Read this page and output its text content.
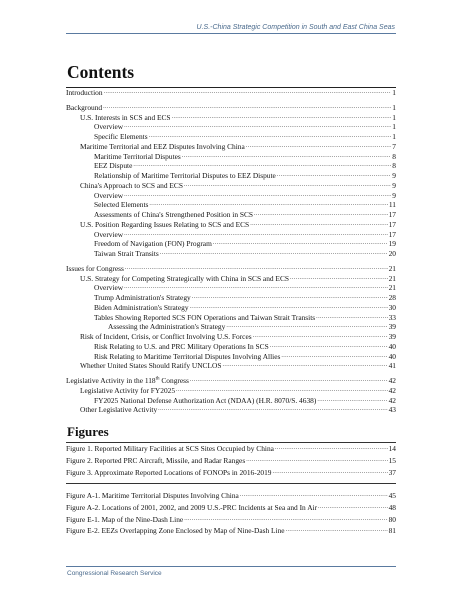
U.S.-China Strategic Competition in South and East China Seas
Contents
Introduction .....	1
Background .....	1
U.S. Interests in SCS and ECS .....	1
Overview .....	1
Specific Elements .....	1
Maritime Territorial and EEZ Disputes Involving China .....	7
Maritime Territorial Disputes .....	8
EEZ Dispute .....	8
Relationship of Maritime Territorial Disputes to EEZ Dispute .....	9
China's Approach to SCS and ECS .....	9
Overview .....	9
Selected Elements .....	11
Assessments of China's Strengthened Position in SCS .....	17
U.S. Position Regarding Issues Relating to SCS and ECS .....	17
Overview .....	17
Freedom of Navigation (FON) Program .....	19
Taiwan Strait Transits .....	20
Issues for Congress .....	21
U.S. Strategy for Competing Strategically with China in SCS and ECS .....	21
Overview .....	21
Trump Administration's Strategy .....	28
Biden Administration's Strategy .....	30
Tables Showing Reported SCS FON Operations and Taiwan Strait Transits .....	33
Assessing the Administration's Strategy .....	39
Risk of Incident, Crisis, or Conflict Involving U.S. Forces .....	39
Risk Relating to U.S. and PRC Military Operations In SCS .....	40
Risk Relating to Maritime Territorial Disputes Involving Allies .....	40
Whether United States Should Ratify UNCLOS .....	41
Legislative Activity in the 118th Congress .....	42
Legislative Activity for FY2025 .....	42
FY2025 National Defense Authorization Act (NDAA) (H.R. 8070/S. 4638) .....	42
Other Legislative Activity .....	43
Figures
Figure 1. Reported Military Facilities at SCS Sites Occupied by China .....	14
Figure 2. Reported PRC Aircraft, Missile, and Radar Ranges .....	15
Figure 3. Approximate Reported Locations of FONOPs in 2016-2019 .....	37
Figure A-1. Maritime Territorial Disputes Involving China .....	45
Figure A-2. Locations of 2001, 2002, and 2009 U.S.-PRC Incidents at Sea and In Air .....	48
Figure E-1. Map of the Nine-Dash Line .....	80
Figure E-2. EEZs Overlapping Zone Enclosed by Map of Nine-Dash Line .....	81
Congressional Research Service
